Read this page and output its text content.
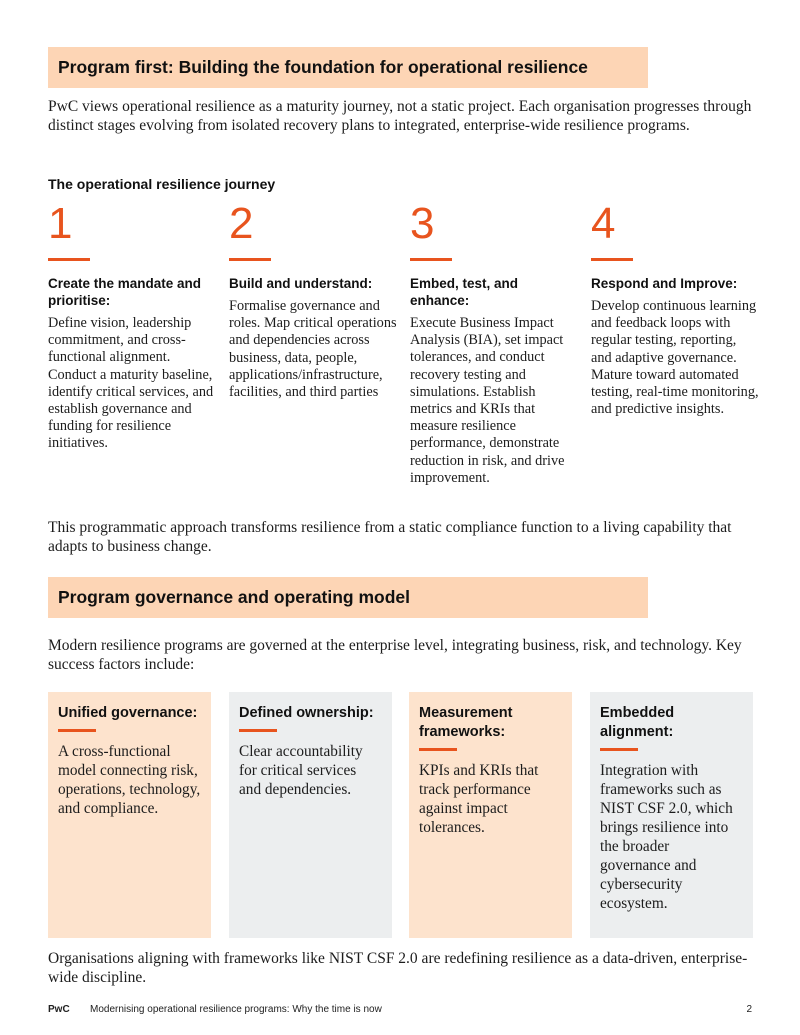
Program first: Building the foundation for operational resilience

PwC views operational resilience as a maturity journey, not a static project. Each organisation progresses through distinct stages evolving from isolated recovery plans to integrated, enterprise-wide resilience programs.

The operational resilience journey
1
Create the mandate and prioritise:
Define vision, leadership commitment, and cross-functional alignment. Conduct a maturity baseline, identify critical services, and establish governance and funding for resilience initiatives.
2
Build and understand:
Formalise governance and roles. Map critical operations and dependencies across business, data, people, applications/infrastructure, facilities, and third parties
3
Embed, test, and enhance:
Execute Business Impact Analysis (BIA), set impact tolerances, and conduct recovery testing and simulations. Establish metrics and KRIs that measure resilience performance, demonstrate reduction in risk, and drive improvement.
4
Respond and Improve:
Develop continuous learning and feedback loops with regular testing, reporting, and adaptive governance. Mature toward automated testing, real-time monitoring, and predictive insights.

This programmatic approach transforms resilience from a static compliance function to a living capability that adapts to business change.

Program governance and operating model

Modern resilience programs are governed at the enterprise level, integrating business, risk, and technology. Key success factors include:

Unified governance:
A cross-functional model connecting risk, operations, technology, and compliance.
Defined ownership:
Clear accountability for critical services and dependencies.
Measurement frameworks:
KPIs and KRIs that track performance against impact tolerances.
Embedded alignment:
Integration with frameworks such as NIST CSF 2.0, which brings resilience into the broader governance and cybersecurity ecosystem.

Organisations aligning with frameworks like NIST CSF 2.0 are redefining resilience as a data-driven, enterprise-wide discipline.

PwC Modernising operational resilience programs: Why the time is now	2
